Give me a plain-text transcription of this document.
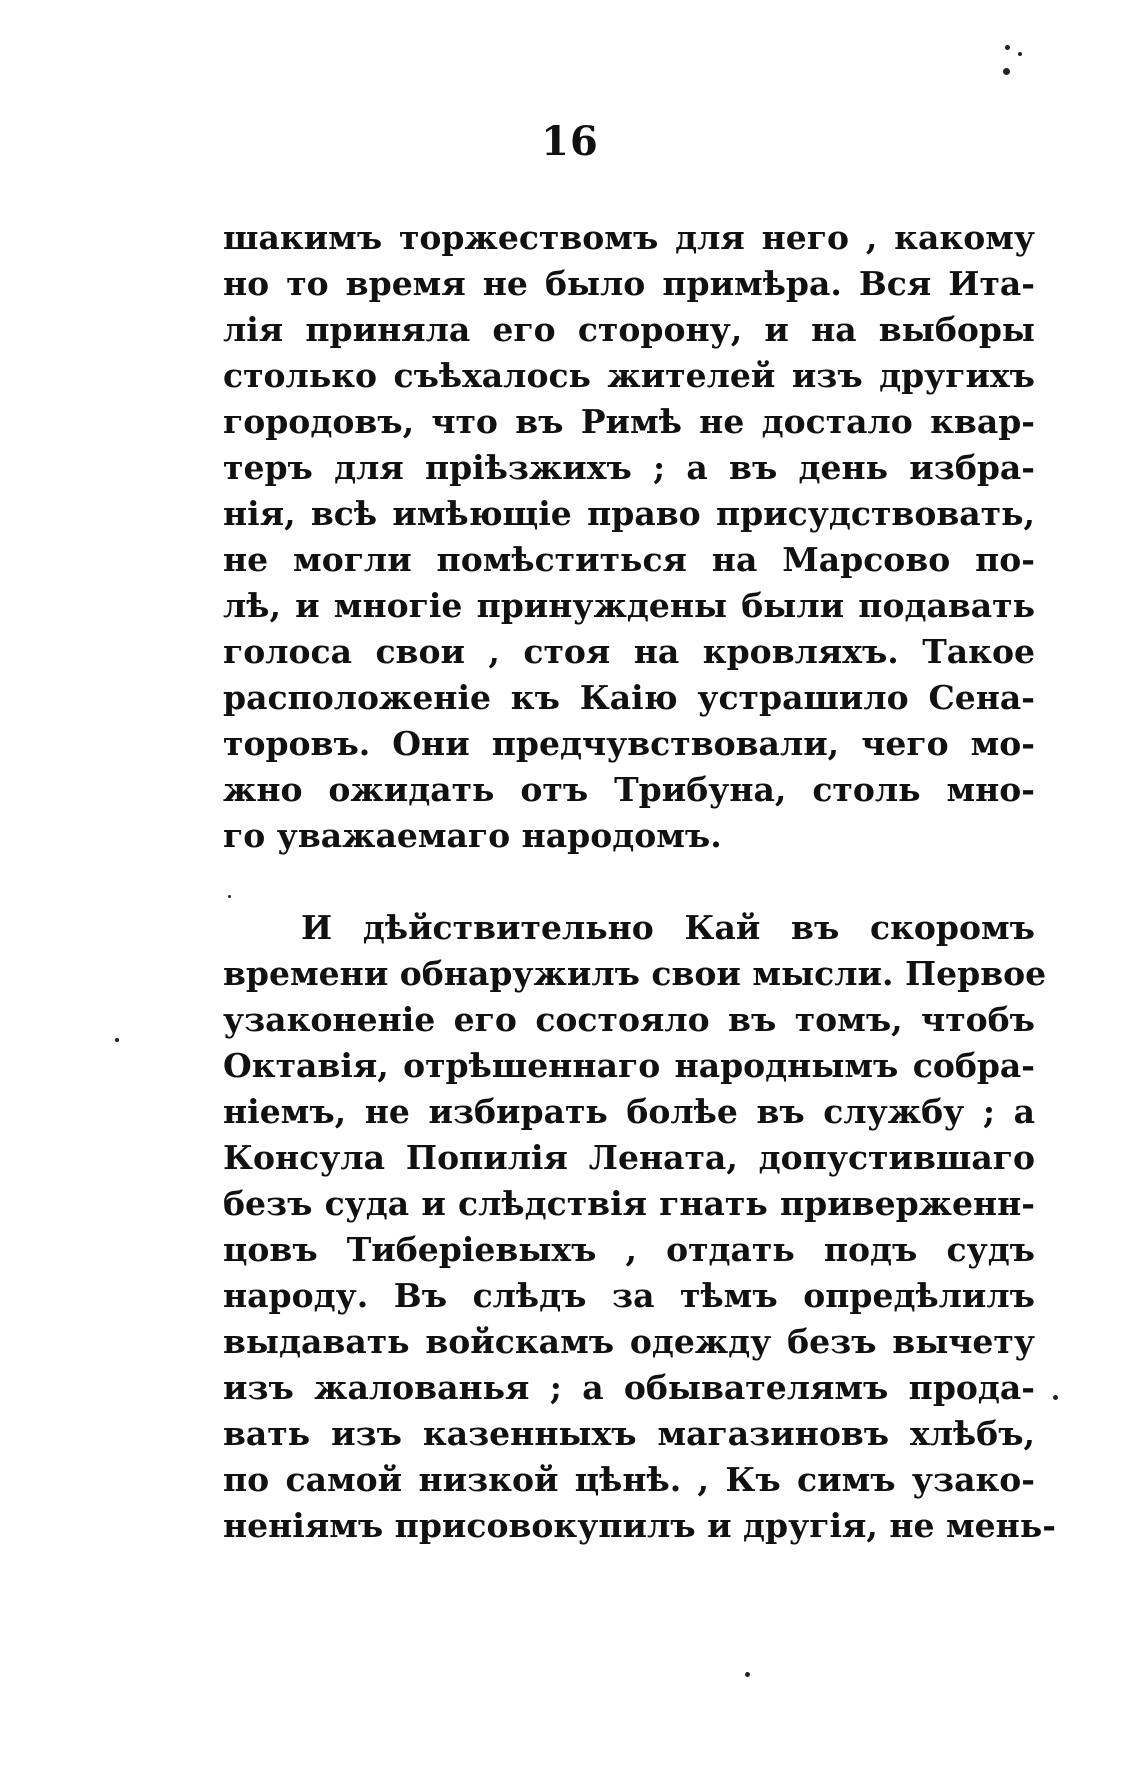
16
шакимъ торжествомъ для него , какому
но то время не было примѣра. Вся Ита-
лія приняла его сторону, и на выборы
столько съѣхалось жителей изъ другихъ
городовъ, что въ Римѣ не достало квар-
теръ для пріѣзжихъ ; а въ день избра-
нія, всѣ имѣющіе право присудствовать,
не могли помѣститься на Марсово по-
лѣ, и многіе принуждены были подавать
голоса свои , стоя на кровляхъ. Такое
расположеніе къ Каію устрашило Сена-
торовъ. Они предчувствовали, чего мо-
жно ожидать отъ Трибуна, столь мно-
го уважаемаго народомъ.
И дѣйствительно Кай въ скоромъ
времени обнаружилъ свои мысли. Первое
узаконеніе его состояло въ томъ, чтобъ
Октавія, отрѣшеннаго народнымъ собра-
ніемъ, не избирать болѣе въ службу ; а
Консула Попилія Лената, допустившаго
безъ суда и слѣдствія гнать приверженн-
цовъ Тиберіевыхъ , отдать подъ судъ
народу. Въ слѣдъ за тѣмъ опредѣлилъ
выдавать войскамъ одежду безъ вычету
изъ жалованья ; а обывателямъ прода-
вать изъ казенныхъ магазиновъ хлѣбъ,
по самой низкой цѣнѣ. , Къ симъ узако-
неніямъ присовокупилъ и другія, не мень-
